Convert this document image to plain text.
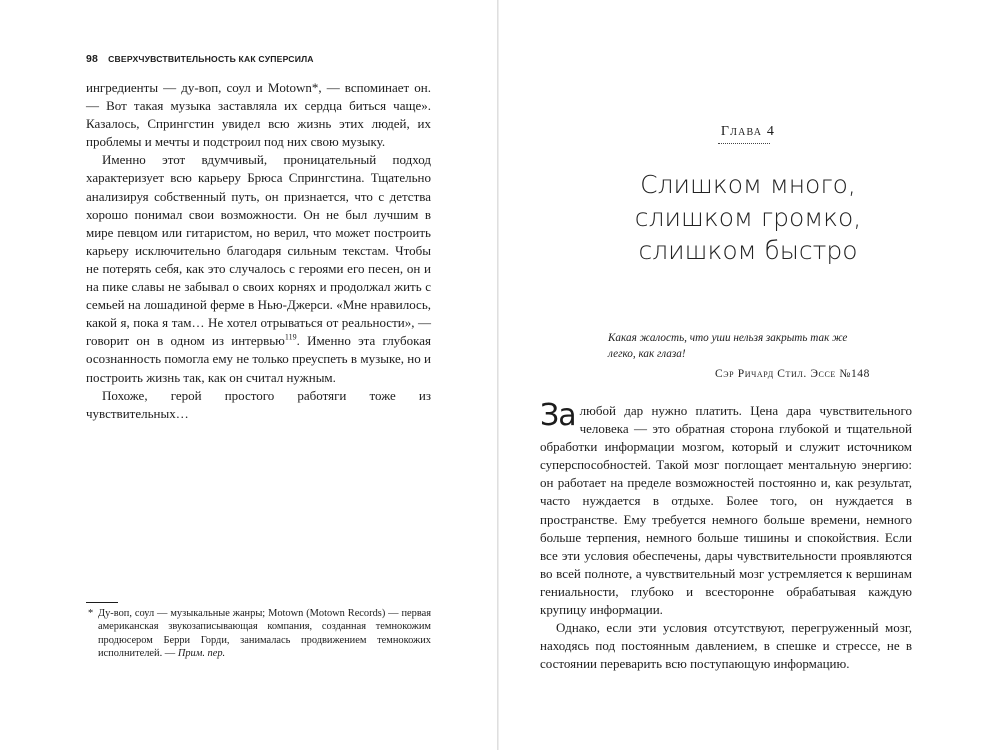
98 СВЕРХЧУВСТВИТЕЛЬНОСТЬ КАК СУПЕРСИЛА

ингредиенты — ду-воп, соул и Motown*, — вспоминает он. — Вот такая музыка заставляла их сердца биться чаще». Казалось, Спрингстин увидел всю жизнь этих людей, их проблемы и мечты и подстроил под них свою музыку.

Именно этот вдумчивый, проницательный подход характеризует всю карьеру Брюса Спрингстина. Тщательно анализируя собственный путь, он признается, что с детства хорошо понимал свои возможности. Он не был лучшим в мире певцом или гитаристом, но верил, что может построить карьеру исключительно благодаря сильным текстам. Чтобы не потерять себя, как это случалось с героями его песен, он и на пике славы не забывал о своих корнях и продолжал жить с семьей на лошадиной ферме в Нью-Джерси. «Мне нравилось, какой я, пока я там… Не хотел отрываться от реальности», — говорит он в одном из интервью$^{119}$. Именно эта глубокая осознанность помогла ему не только преуспеть в музыке, но и построить жизнь так, как он считал нужным.

Похоже, герой простого работяги тоже из чувствительных…

* Ду-воп, соул — музыкальные жанры; Motown (Motown Records) — первая американская звукозаписывающая компания, созданная темнокожим продюсером Берри Горди, занималась продвижением темнокожих исполнителей. — Прим. пер.
Глава 4
Слишком много,
слишком громко,
слишком быстро
Какая жалость, что уши нельзя закрыть так же легко, как глаза!
Сэр Ричард Стил. Эссе №148

За любой дар нужно платить. Цена дара чувствительного человека — это обратная сторона глубокой и тщательной обработки информации мозгом, который и служит источником суперспособностей. Такой мозг поглощает ментальную энергию: он работает на пределе возможностей постоянно и, как результат, часто нуждается в отдыхе. Более того, он нуждается в пространстве. Ему требуется немного больше времени, немного больше терпения, немного больше тишины и спокойствия. Если все эти условия обеспечены, дары чувствительности проявляются во всей полноте, а чувствительный мозг устремляется к вершинам гениальности, глубоко и всесторонне обрабатывая каждую крупицу информации.

Однако, если эти условия отсутствуют, перегруженный мозг, находясь под постоянным давлением, в спешке и стрессе, не в состоянии переварить всю поступающую информацию.
